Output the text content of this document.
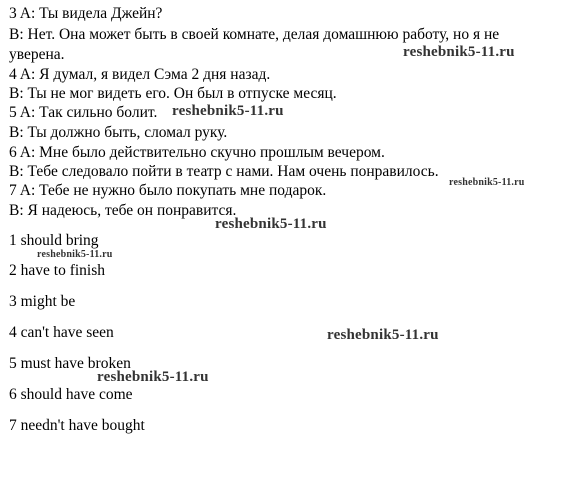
3 A: Ты видела Джейн?
B: Нет. Она может быть в своей комнате, делая домашнюю работу, но я не
уверена.
4 A: Я думал, я видел Сэма 2 дня назад.
B: Ты не мог видеть его. Он был в отпуске месяц.
5 A: Так сильно болит.
B: Ты должно быть, сломал руку.
6 A: Мне было действительно скучно прошлым вечером.
B: Тебе следовало пойти в театр с нами. Нам очень понравилось.
7 A: Тебе не нужно было покупать мне подарок.
B: Я надеюсь, тебе он понравится.
1 should bring
2 have to finish
3 might be
4 can't have seen
5 must have broken
6 should have come
7 needn't have bought
reshebnik5-11.ru
reshebnik5-11.ru
reshebnik5-11.ru
reshebnik5-11.ru
reshebnik5-11.ru
reshebnik5-11.ru
reshebnik5-11.ru
